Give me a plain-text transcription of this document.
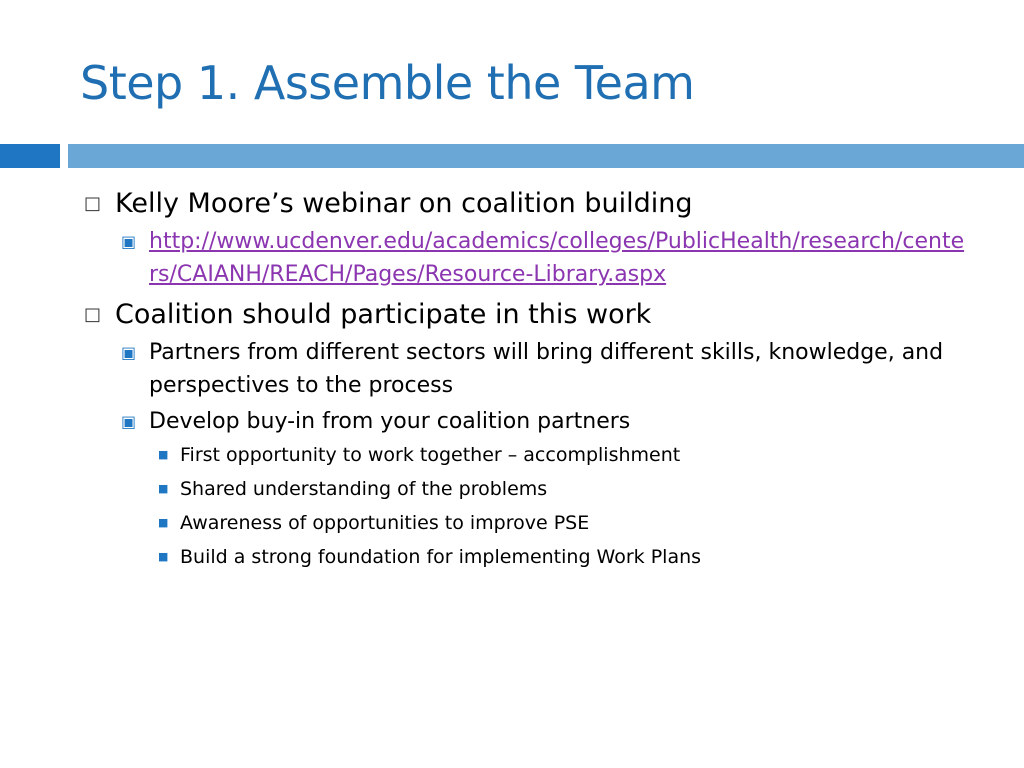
Step 1. Assemble the Team
□ Kelly Moore’s webinar on coalition building
▣ http://www.ucdenver.edu/academics/colleges/PublicHealth/research/centers/CAIANH/REACH/Pages/Resource-Library.aspx
□ Coalition should participate in this work
▣ Partners from different sectors will bring different skills, knowledge, and perspectives to the process
▣ Develop buy-in from your coalition partners
■ First opportunity to work together – accomplishment
■ Shared understanding of the problems
■ Awareness of opportunities to improve PSE
■ Build a strong foundation for implementing Work Plans
